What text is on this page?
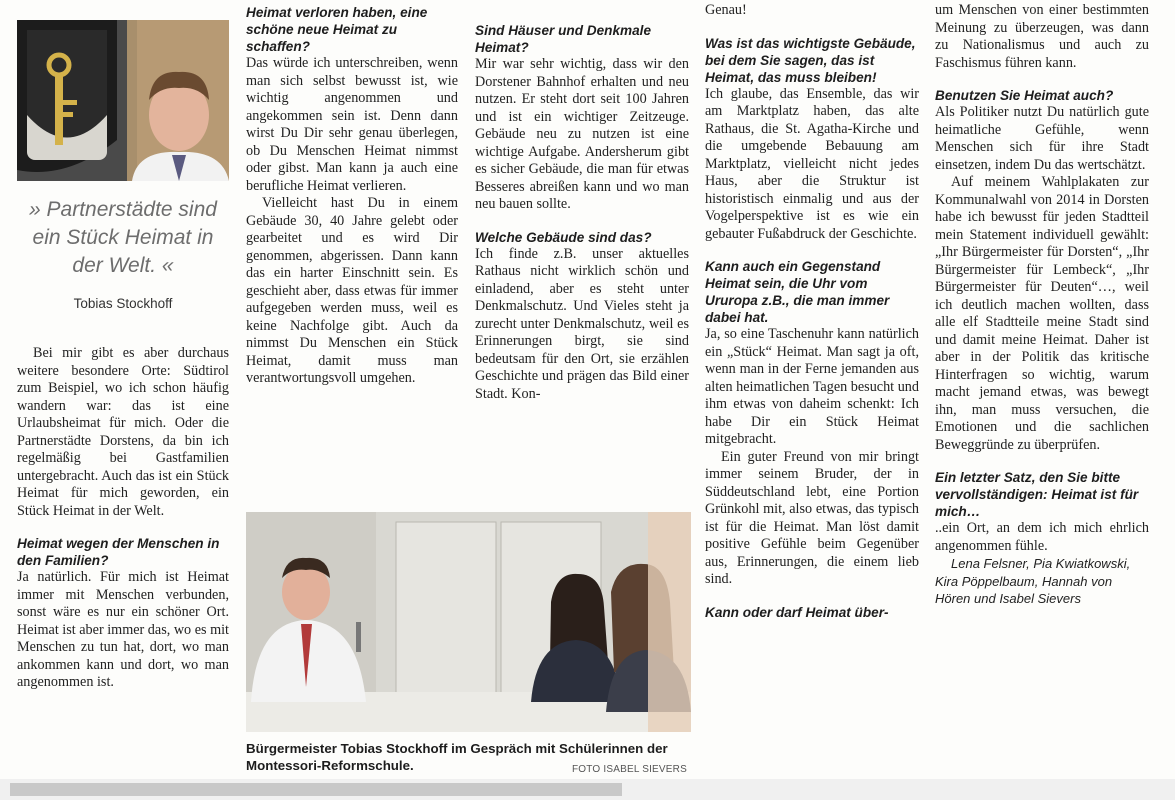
» Partnerstädte sind ein Stück Heimat in der Welt. «
Tobias Stockhoff

Bei mir gibt es aber durchaus weitere besondere Orte: Südtirol zum Beispiel, wo ich schon häufig wandern war: das ist eine Urlaubsheimat für mich. Oder die Partnerstädte Dorstens, da bin ich regelmäßig bei Gastfamilien untergebracht. Auch das ist ein Stück Heimat für mich geworden, ein Stück Heimat in der Welt.

Heimat wegen der Menschen in den Familien?

Ja natürlich. Für mich ist Heimat immer mit Menschen verbunden, sonst wäre es nur ein schöner Ort. Heimat ist aber immer das, wo es mit Menschen zu tun hat, dort, wo man ankommen kann und dort, wo man angenommen ist.

Heimat verloren haben, eine schöne neue Heimat zu schaffen?

Das würde ich unterschreiben, wenn man sich selbst bewusst ist, wie wichtig angenommen und angekommen sein ist. Denn dann wirst Du Dir sehr genau überlegen, ob Du Menschen Heimat nimmst oder gibst. Man kann ja auch eine berufliche Heimat verlieren.

Vielleicht hast Du in einem Gebäude 30, 40 Jahre gelebt oder gearbeitet und es wird Dir genommen, abgerissen. Dann kann das ein harter Einschnitt sein. Es geschieht aber, dass etwas für immer aufgegeben werden muss, weil es keine Nachfolge gibt. Auch da nimmst Du Menschen ein Stück Heimat, damit muss man verantwortungsvoll umgehen.

Sind Häuser und Denkmale Heimat?

Mir war sehr wichtig, dass wir den Dorstener Bahnhof erhalten und neu nutzen. Er steht dort seit 100 Jahren und ist ein wichtiger Zeitzeuge. Gebäude neu zu nutzen ist eine wichtige Aufgabe. Andersherum gibt es sicher Gebäude, die man für etwas Besseres abreißen kann und wo man neu bauen sollte.

Welche Gebäude sind das?

Ich finde z.B. unser aktuelles Rathaus nicht wirklich schön und einladend, aber es steht unter Denkmalschutz. Und Vieles steht ja zurecht unter Denkmalschutz, weil es Erinnerungen birgt, sie sind bedeutsam für den Ort, sie erzählen Geschichte und prägen das Bild einer Stadt. Kon-

Bürgermeister Tobias Stockhoff im Gespräch mit Schülerinnen der Montessori-Reformschule.	FOTO ISABEL SIEVERS

Genau!

Was ist das wichtigste Gebäude, bei dem Sie sagen, das ist Heimat, das muss bleiben!

Ich glaube, das Ensemble, das wir am Marktplatz haben, das alte Rathaus, die St. Agatha-Kirche und die umgebende Bebauung am Marktplatz, vielleicht nicht jedes Haus, aber die Struktur ist historistisch einmalig und aus der Vogelperspektive ist es wie ein gebauter Fußabdruck der Geschichte.

Kann auch ein Gegenstand Heimat sein, die Uhr vom Ururopa z.B., die man immer dabei hat.

Ja, so eine Taschenuhr kann natürlich ein „Stück“ Heimat. Man sagt ja oft, wenn man in der Ferne jemanden aus alten heimatlichen Tagen besucht und ihm etwas von daheim schenkt: Ich habe Dir ein Stück Heimat mitgebracht.

Ein guter Freund von mir bringt immer seinem Bruder, der in Süddeutschland lebt, eine Portion Grünkohl mit, also etwas, das typisch ist für die Heimat. Man löst damit positive Gefühle beim Gegenüber aus, Erinnerungen, die einem lieb sind.

Kann oder darf Heimat über-

um Menschen von einer bestimmten Meinung zu überzeugen, was dann zu Nationalismus und auch zu Faschismus führen kann.

Benutzen Sie Heimat auch?

Als Politiker nutzt Du natürlich gute heimatliche Gefühle, wenn Menschen sich für ihre Stadt einsetzen, indem Du das wertschätzt.

Auf meinem Wahlplakaten zur Kommunalwahl von 2014 in Dorsten habe ich bewusst für jeden Stadtteil mein Statement individuell gewählt: „Ihr Bürgermeister für Dorsten“, „Ihr Bürgermeister für Lembeck“, „Ihr Bürgermeister für Deuten“…, weil ich deutlich machen wollten, dass alle elf Stadtteile meine Stadt sind und damit meine Heimat. Daher ist aber in der Politik das kritische Hinterfragen so wichtig, warum macht jemand etwas, was bewegt ihn, man muss versuchen, die Emotionen und die sachlichen Beweggründe zu überprüfen.

Ein letzter Satz, den Sie bitte vervollständigen: Heimat ist für mich…

..ein Ort, an dem ich mich ehrlich angenommen fühle.

Lena Felsner, Pia Kwiatkowski, Kira Pöppelbaum, Hannah von Hören und Isabel Sievers
